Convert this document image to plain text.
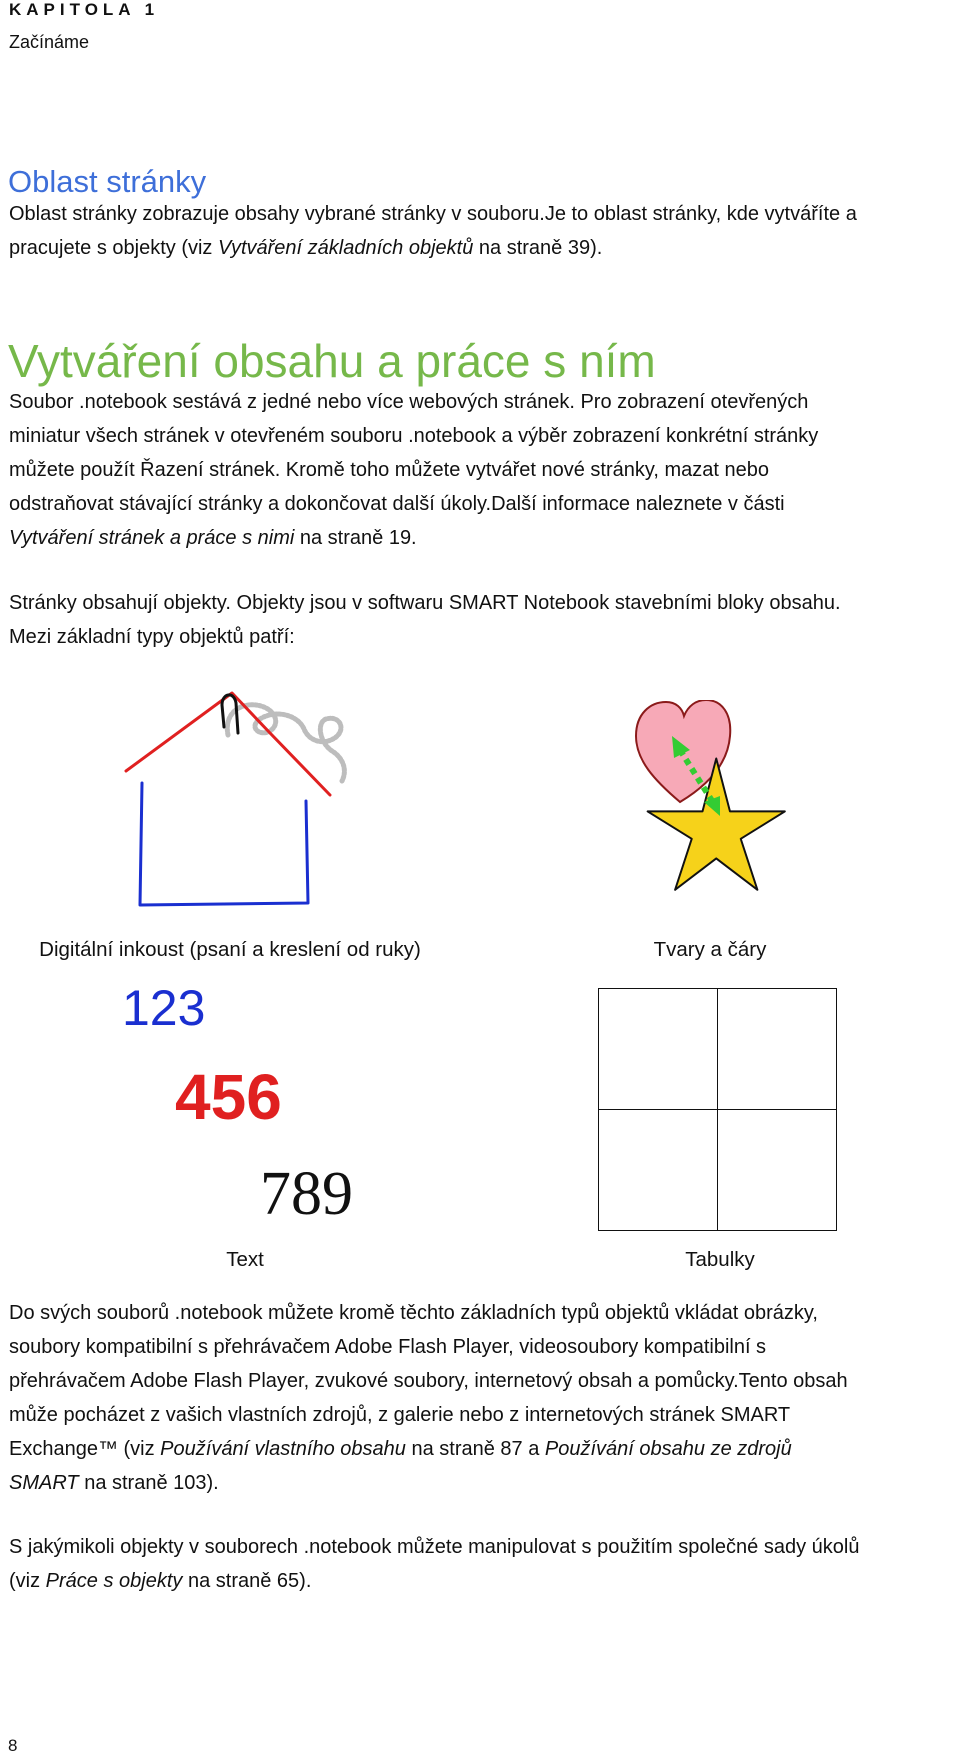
KAPITOLA 1
Začínáme
Oblast stránky
Oblast stránky zobrazuje obsahy vybrané stránky v souboru.Je to oblast stránky, kde vytváříte a
pracujete s objekty (viz Vytváření základních objektů na straně 39).
Vytváření obsahu a práce s ním
Soubor .notebook sestává z jedné nebo více webových stránek. Pro zobrazení otevřených
miniatur všech stránek v otevřeném souboru .notebook a výběr zobrazení konkrétní stránky
můžete použít Řazení stránek. Kromě toho můžete vytvářet nové stránky, mazat nebo
odstraňovat stávající stránky a dokončovat další úkoly.Další informace naleznete v části
Vytváření stránek a práce s nimi na straně 19.
Stránky obsahují objekty. Objekty jsou v softwaru SMART Notebook stavebními bloky obsahu.
Mezi základní typy objektů patří:
Digitální inkoust (psaní a kreslení od ruky)	Tvary a čáry
123
456
789

Text	Tabulky
Do svých souborů .notebook můžete kromě těchto základních typů objektů vkládat obrázky,
soubory kompatibilní s přehrávačem Adobe Flash Player, videosoubory kompatibilní s
přehrávačem Adobe Flash Player, zvukové soubory, internetový obsah a pomůcky.Tento obsah
může pocházet z vašich vlastních zdrojů, z galerie nebo z internetových stránek SMART
Exchange™ (viz Používání vlastního obsahu na straně 87 a Používání obsahu ze zdrojů
SMART na straně 103).
S jakýmikoli objekty v souborech .notebook můžete manipulovat s použitím společné sady úkolů
(viz Práce s objekty na straně 65).
8
